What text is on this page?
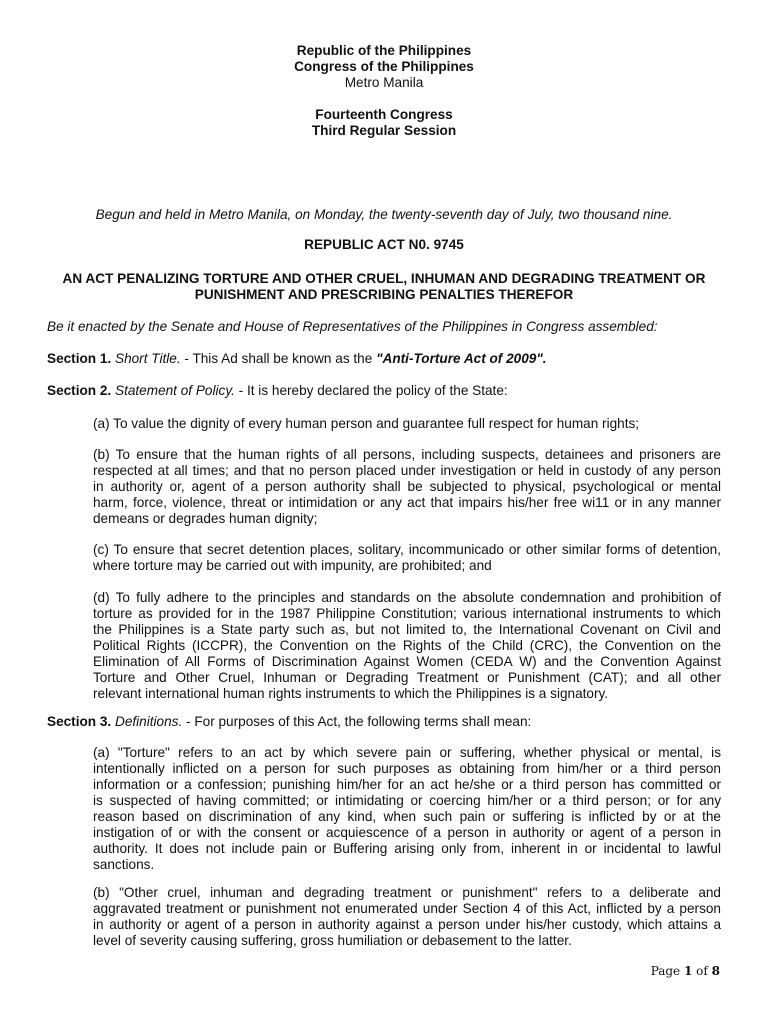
Republic of the Philippines
Congress of the Philippines
Metro Manila
Fourteenth Congress
Third Regular Session
Begun and held in Metro Manila, on Monday, the twenty-seventh day of July, two thousand nine.
REPUBLIC ACT N0. 9745
AN ACT PENALIZING TORTURE AND OTHER CRUEL, INHUMAN AND DEGRADING TREATMENT OR
PUNISHMENT AND PRESCRIBING PENALTIES THEREFOR
Be it enacted by the Senate and House of Representatives of the Philippines in Congress assembled:
Section 1. Short Title. - This Ad shall be known as the "Anti-Torture Act of 2009".
Section 2. Statement of Policy. - It is hereby declared the policy of the State:
(a) To value the dignity of every human person and guarantee full respect for human rights;
(b) To ensure that the human rights of all persons, including suspects, detainees and prisoners are
respected at all times; and that no person placed under investigation or held in custody of any person
in authority or, agent of a person authority shall be subjected to physical, psychological or mental
harm, force, violence, threat or intimidation or any act that impairs his/her free wi11 or in any manner
demeans or degrades human dignity;
(c) To ensure that secret detention places, solitary, incommunicado or other similar forms of detention,
where torture may be carried out with impunity, are prohibited; and
(d) To fully adhere to the principles and standards on the absolute condemnation and prohibition of
torture as provided for in the 1987 Philippine Constitution; various international instruments to which
the Philippines is a State party such as, but not limited to, the International Covenant on Civil and
Political Rights (ICCPR), the Convention on the Rights of the Child (CRC), the Convention on the
Elimination of All Forms of Discrimination Against Women (CEDA W) and the Convention Against
Torture and Other Cruel, Inhuman or Degrading Treatment or Punishment (CAT); and all other
relevant international human rights instruments to which the Philippines is a signatory.
Section 3. Definitions. - For purposes of this Act, the following terms shall mean:
(a) "Torture" refers to an act by which severe pain or suffering, whether physical or mental, is
intentionally inflicted on a person for such purposes as obtaining from him/her or a third person
information or a confession; punishing him/her for an act he/she or a third person has committed or
is suspected of having committed; or intimidating or coercing him/her or a third person; or for any
reason based on discrimination of any kind, when such pain or suffering is inflicted by or at the
instigation of or with the consent or acquiescence of a person in authority or agent of a person in
authority. It does not include pain or Buffering arising only from, inherent in or incidental to lawful
sanctions.
(b) "Other cruel, inhuman and degrading treatment or punishment" refers to a deliberate and
aggravated treatment or punishment not enumerated under Section 4 of this Act, inflicted by a person
in authority or agent of a person in authority against a person under his/her custody, which attains a
level of severity causing suffering, gross humiliation or debasement to the latter.
Page 1 of 8
